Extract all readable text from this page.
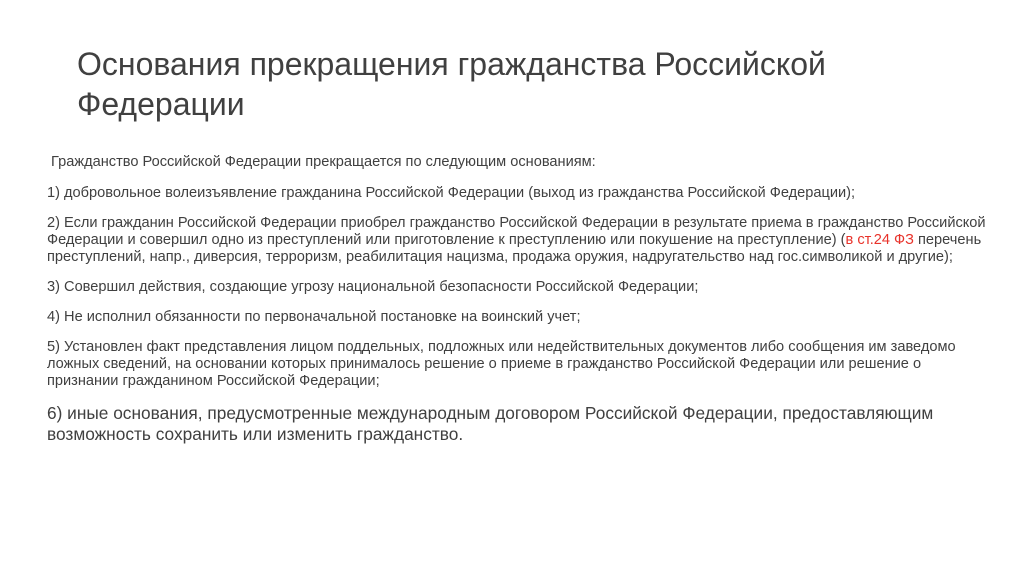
Основания прекращения гражданства Российской Федерации

Гражданство Российской Федерации прекращается по следующим основаниям:

1) добровольное волеизъявление гражданина Российской Федерации (выход из гражданства Российской Федерации);

2) Если гражданин Российской Федерации приобрел гражданство Российской Федерации в результате приема в гражданство Российской Федерации и совершил одно из преступлений или приготовление к преступлению или покушение на преступление) (в ст.24 ФЗ перечень преступлений, напр., диверсия, терроризм, реабилитация нацизма, продажа оружия, надругательство над гос.символикой и другие);

3) Совершил действия, создающие угрозу национальной безопасности Российской Федерации;

4) Не исполнил обязанности по первоначальной постановке на воинский учет;

5) Установлен факт представления лицом поддельных, подложных или недействительных документов либо сообщения им заведомо ложных сведений, на основании которых принималось решение о приеме в гражданство Российской Федерации или решение о признании гражданином Российской Федерации;

6) иные основания, предусмотренные международным договором Российской Федерации, предоставляющим возможность сохранить или изменить гражданство.
